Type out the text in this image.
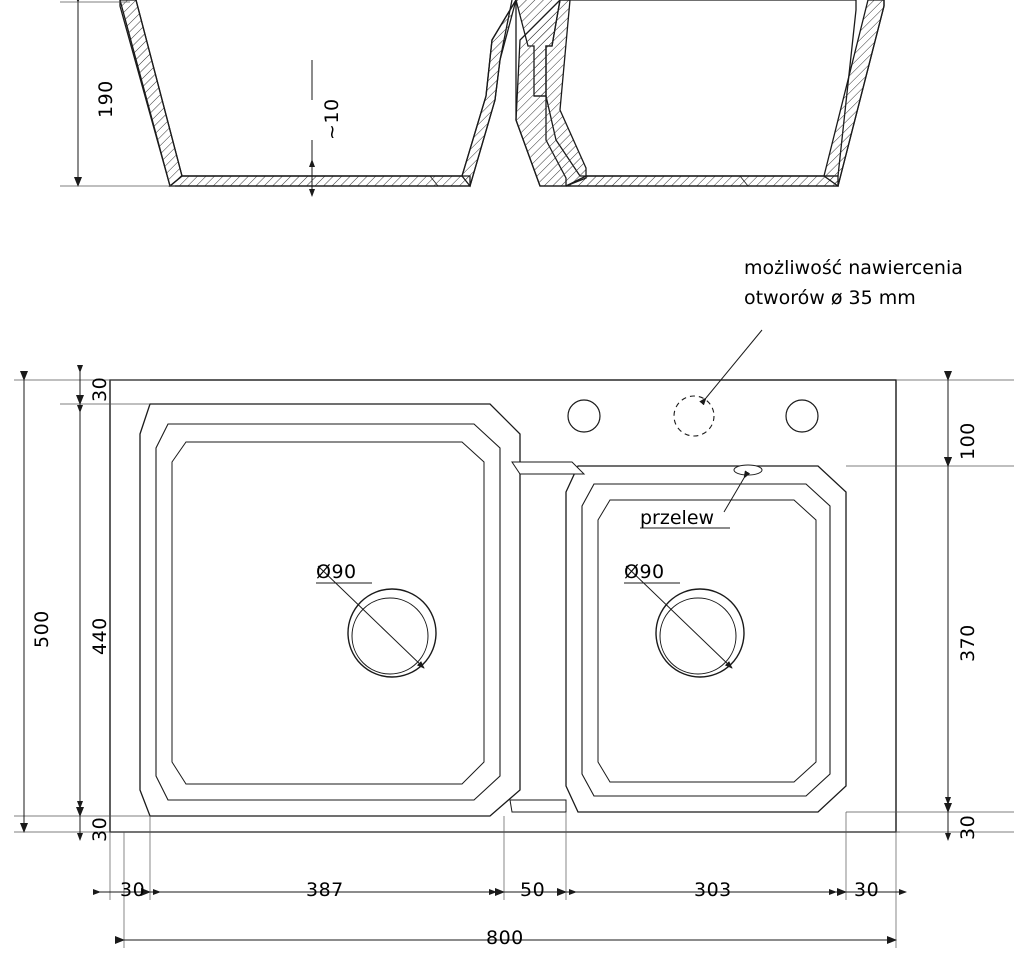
190	~10
możliwość nawiercenia
otworów ø 35 mm
przelew
Ø90	Ø90
30
440
500
30
100
370
30
30	387	50	303	30
800
